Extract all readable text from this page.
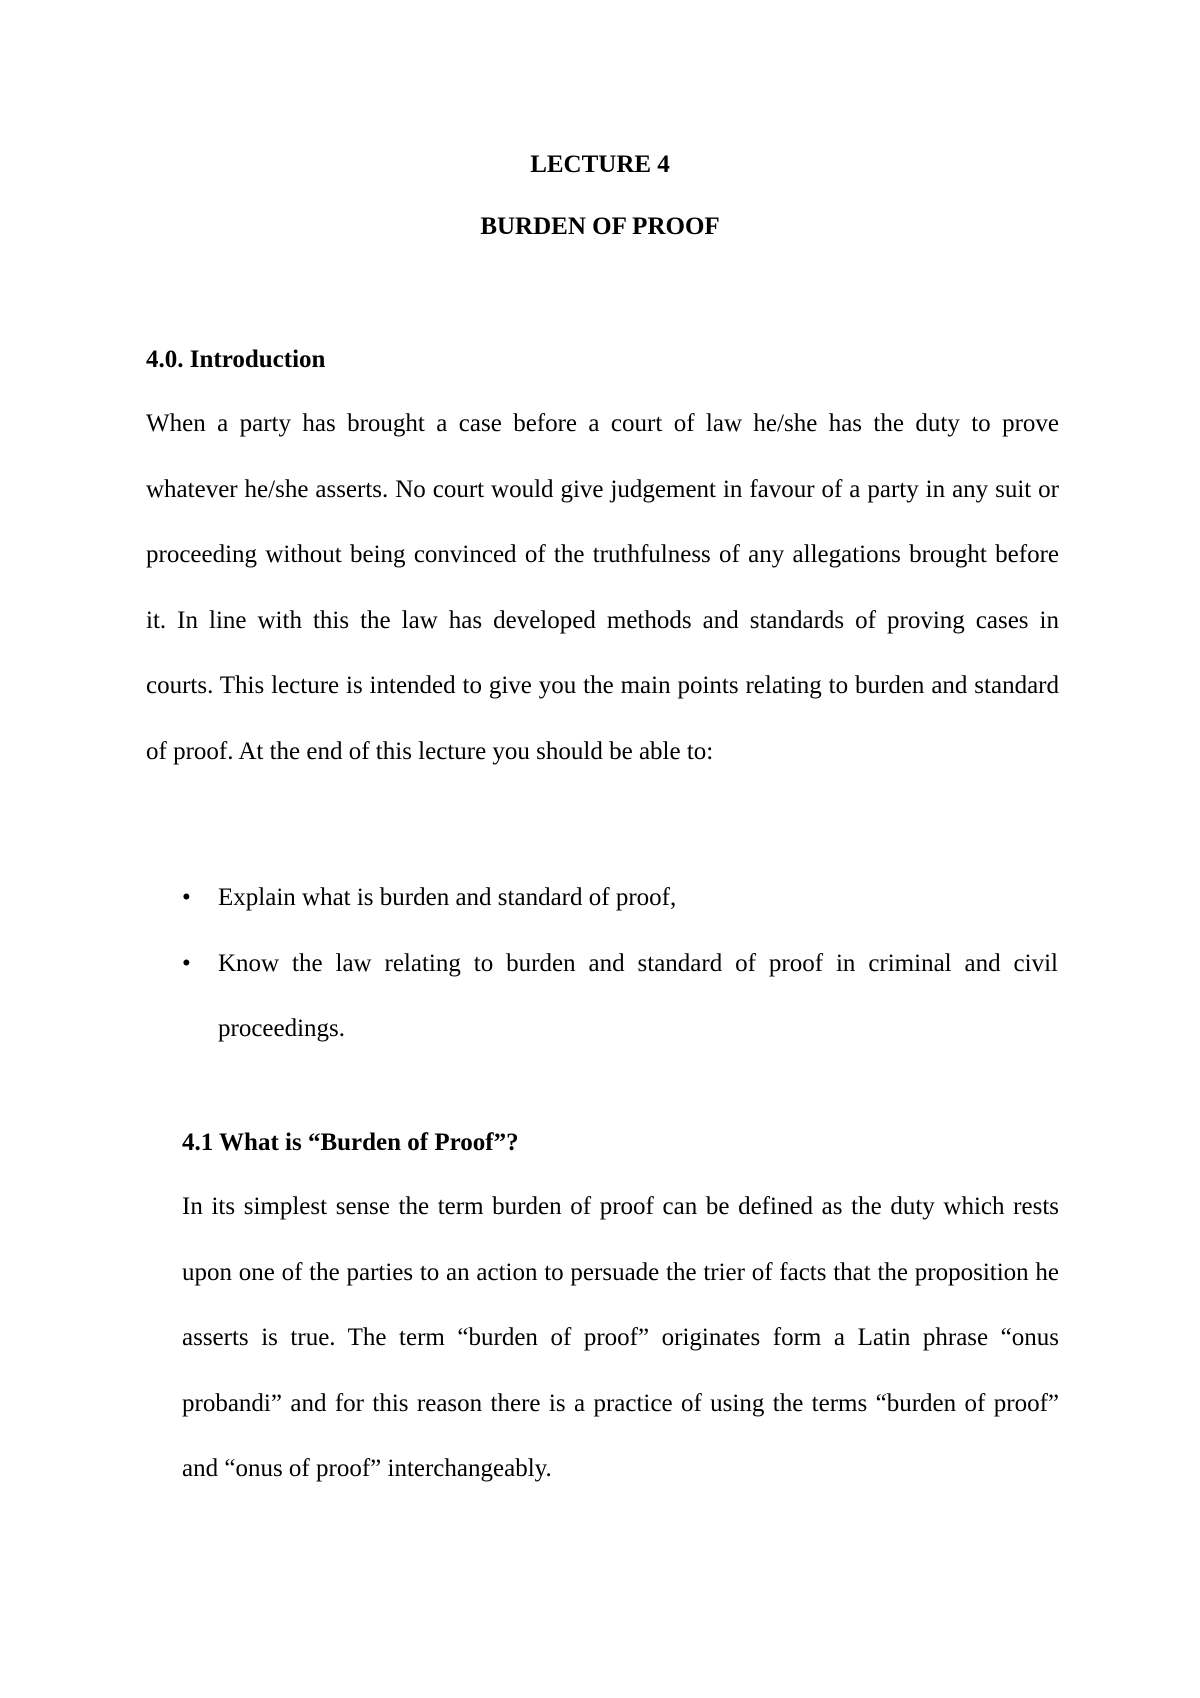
LECTURE 4
BURDEN OF PROOF
4.0. Introduction

When a party has brought a case before a court of law he/she has the duty to prove whatever he/she asserts. No court would give judgement in favour of a party in any suit or proceeding without being convinced of the truthfulness of any allegations brought before it. In line with this the law has developed methods and standards of proving cases in courts. This lecture is intended to give you the main points relating to burden and standard of proof. At the end of this lecture you should be able to:

• Explain what is burden and standard of proof,
• Know the law relating to burden and standard of proof in criminal and civil proceedings.
4.1 What is “Burden of Proof”?

In its simplest sense the term burden of proof can be defined as the duty which rests upon one of the parties to an action to persuade the trier of facts that the proposition he asserts is true. The term “burden of proof” originates form a Latin phrase “onus probandi” and for this reason there is a practice of using the terms “burden of proof” and “onus of proof” interchangeably.
